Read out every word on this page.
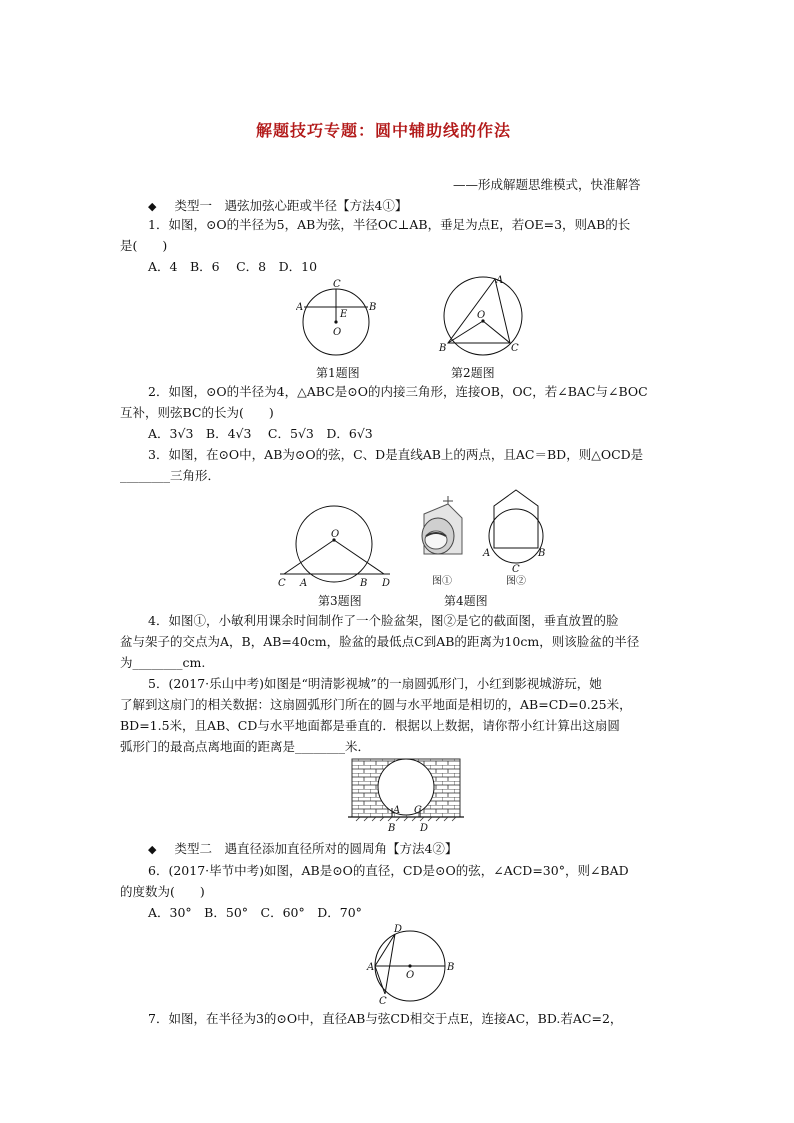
解题技巧专题：圆中辅助线的作法
——形成解题思维模式，快准解答
◆ 类型一　遇弦加弦心距或半径【方法4①】
1．如图，⊙O的半径为5，AB为弦，半径OC⊥AB，垂足为点E，若OE=3，则AB的长
是(　　)
A．4　B．6　 C．8　D．10
A	B
C
E
O
第1题图
A
B	C
O
第2题图
2．如图，⊙O的半径为4，△ABC是⊙O的内接三角形，连接OB，OC，若∠BAC与∠BOC
互补，则弦BC的长为(　　)
A．3√3　B．4√3　 C．5√3　D．6√3
3．如图，在⊙O中，AB为⊙O的弦，C、D是直线AB上的两点，且AC＝BD，则△OCD是
________三角形．
O
C A	B D
第3题图
图①
A	B
C
图②
第4题图
4．如图①，小敏利用课余时间制作了一个脸盆架，图②是它的截面图，垂直放置的脸
盆与架子的交点为A，B，AB=40cm，脸盆的最低点C到AB的距离为10cm，则该脸盆的半径
为________cm.
5．(2017·乐山中考)如图是“明清影视城”的一扇圆弧形门，小红到影视城游玩，她
了解到这扇门的相关数据：这扇圆弧形门所在的圆与水平地面是相切的，AB=CD=0.25米，
BD=1.5米，且AB、CD与水平地面都是垂直的．根据以上数据，请你帮小红计算出这扇圆
弧形门的最高点离地面的距离是________米．
A C
B D
◆ 类型二　遇直径添加直径所对的圆周角【方法4②】
6．(2017·毕节中考)如图，AB是⊙O的直径，CD是⊙O的弦，∠ACD=30°，则∠BAD
的度数为(　　)
A．30°　B．50°　C．60°　D．70°
D
A	B
O
C
7．如图，在半径为3的⊙O中，直径AB与弦CD相交于点E，连接AC，BD.若AC=2，
